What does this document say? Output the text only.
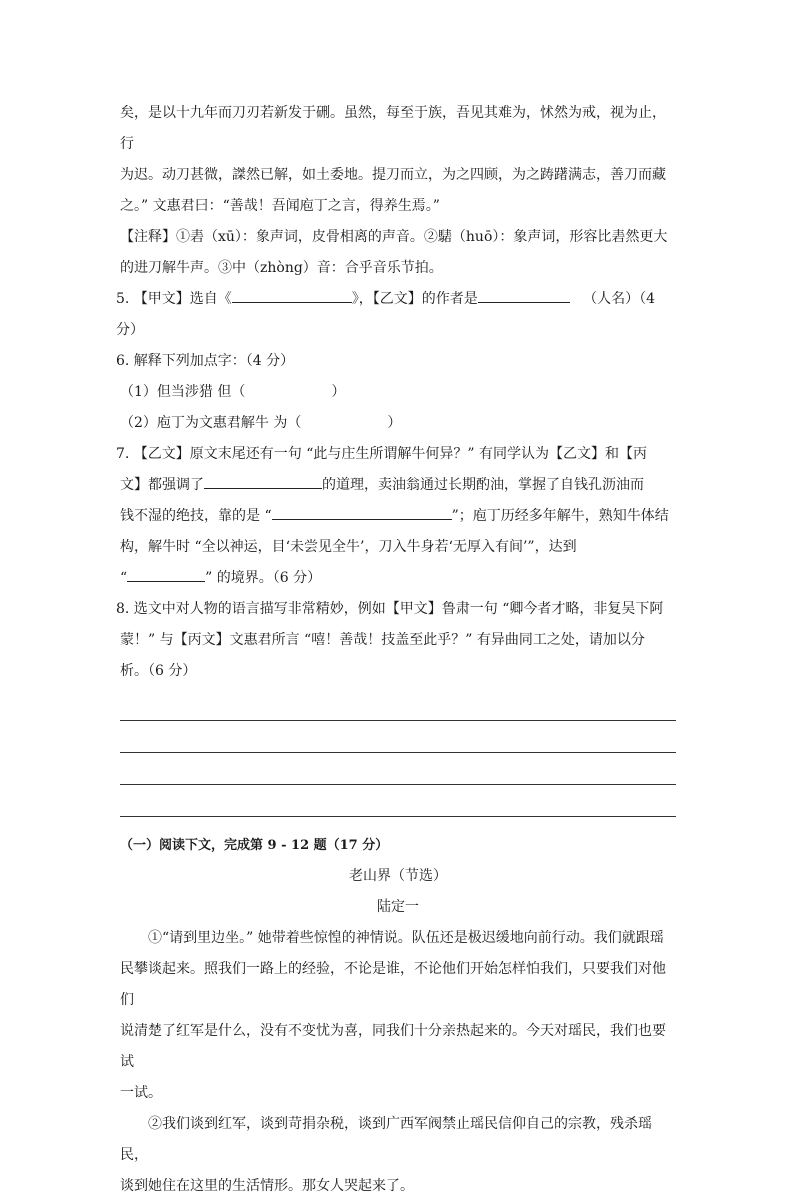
矣，是以十九年而刀刃若新发于硎。虽然，每至于族，吾见其难为，怵然为戒，视为止，行

为迟。动刀甚微，謋然已解，如土委地。提刀而立，为之四顾，为之踌躇满志，善刀而藏

之。” 文惠君曰：“善哉！吾闻庖丁之言，得养生焉。”

【注释】①砉（xū）：象声词，皮骨相离的声音。②騞（huō）：象声词，形容比砉然更大

的进刀解牛声。③中（zhòng）音：合乎音乐节拍。

5. 【甲文】选自《	》，【乙文】的作者是	（人名）（4 分）

6. 解释下列加点字：（4 分）

（1）但当涉猎 但（	）

（2）庖丁为文惠君解牛 为（	）

7. 【乙文】原文末尾还有一句 “此与庄生所谓解牛何异？” 有同学认为【乙文】和【丙

文】都强调了	的道理，卖油翁通过长期酌油，掌握了自钱孔沥油而

钱不湿的绝技，靠的是 “	”；庖丁历经多年解牛，熟知牛体结

构，解牛时 “全以神运，目‘未尝见全牛’，刀入牛身若‘无厚入有间’”，达到

“	” 的境界。（6 分）

8. 选文中对人物的语言描写非常精妙，例如【甲文】鲁肃一句 “卿今者才略，非复吴下阿

蒙！” 与【丙文】文惠君所言 “嘻！善哉！技盖至此乎？” 有异曲同工之处，请加以分

析。（6 分）

（一）阅读下文，完成第 9 - 12 题（17 分）

老山界（节选）

陆定一

①“请到里边坐。” 她带着些惊惶的神情说。队伍还是极迟缓地向前行动。我们就跟瑶

民攀谈起来。照我们一路上的经验，不论是谁，不论他们开始怎样怕我们，只要我们对他们

说清楚了红军是什么，没有不变忧为喜，同我们十分亲热起来的。今天对瑶民，我们也要试

一试。

②我们谈到红军，谈到苛捐杂税，谈到广西军阀禁止瑶民信仰自己的宗教，残杀瑶民，

谈到她住在这里的生活情形。那女人哭起来了。
